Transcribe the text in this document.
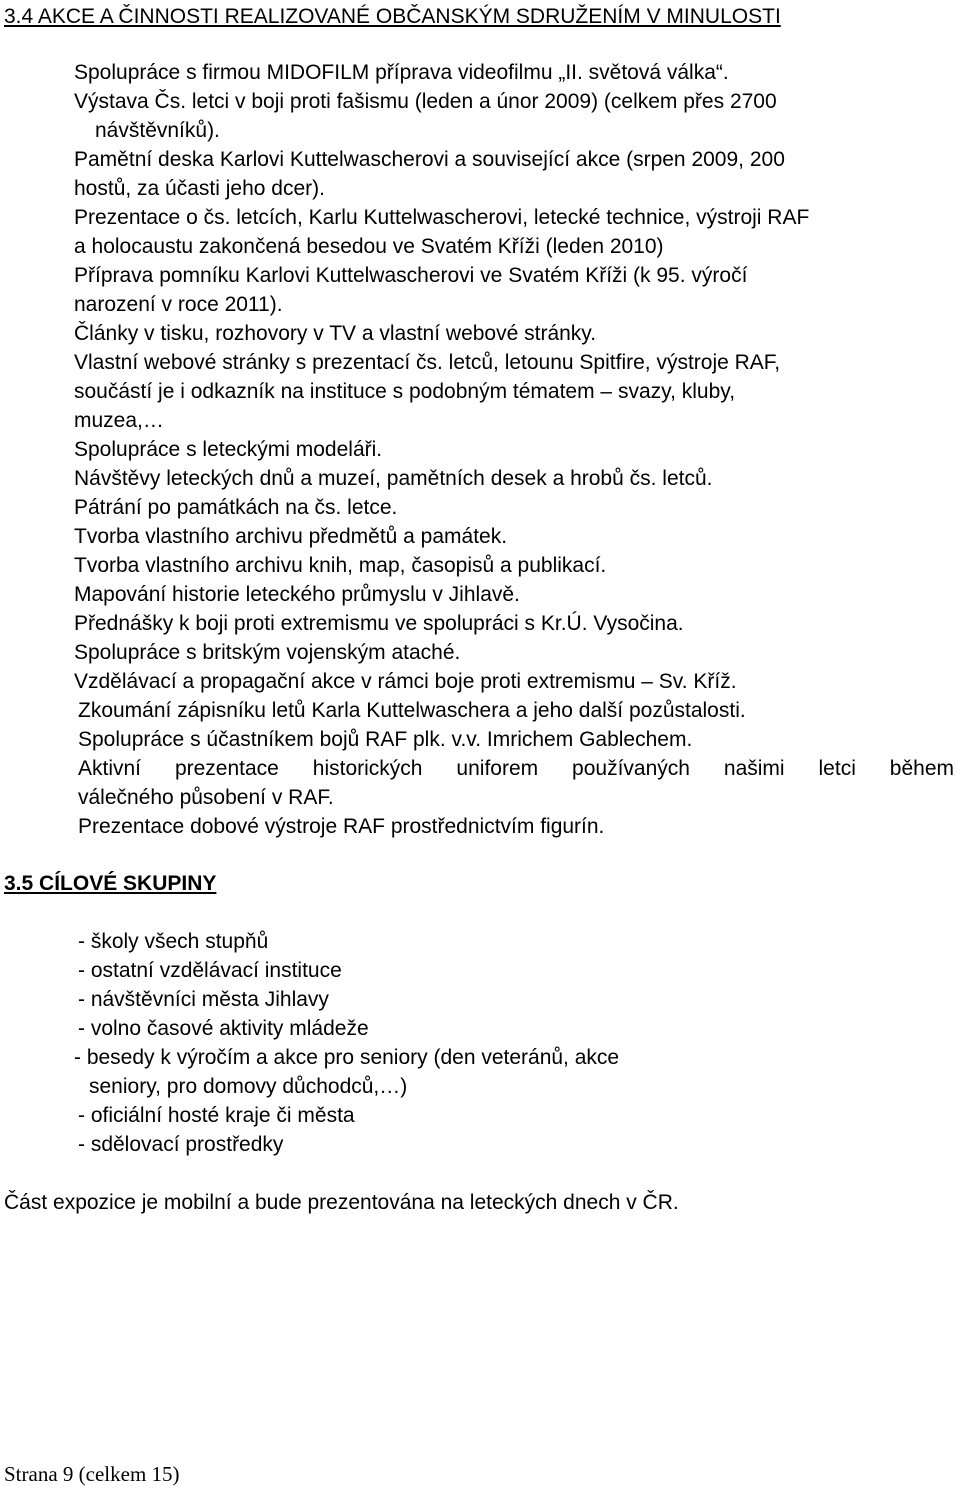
3.4 AKCE A ČINNOSTI REALIZOVANÉ OBČANSKÝM SDRUŽENÍM V MINULOSTI
Spolupráce s firmou MIDOFILM příprava videofilmu „II. světová válka“.
Výstava Čs. letci v boji proti fašismu (leden a únor 2009) (celkem přes 2700
návštěvníků).
Pamětní deska Karlovi Kuttelwascherovi a související akce (srpen 2009, 200
hostů, za účasti jeho dcer).
Prezentace o čs. letcích, Karlu Kuttelwascherovi, letecké technice, výstroji RAF
a holocaustu zakončená besedou ve Svatém Kříži (leden 2010)
Příprava pomníku Karlovi Kuttelwascherovi ve Svatém Kříži (k 95. výročí
narození v roce 2011).
Články v tisku, rozhovory v TV a vlastní webové stránky.
Vlastní webové stránky s prezentací čs. letců, letounu Spitfire, výstroje RAF,
součástí je i odkazník na instituce s podobným tématem – svazy, kluby,
muzea,…
Spolupráce s leteckými modeláři.
Návštěvy leteckých dnů a muzeí, pamětních desek a hrobů čs. letců.
Pátrání po památkách na čs. letce.
Tvorba vlastního archivu předmětů a památek.
Tvorba vlastního archivu knih, map, časopisů a publikací.
Mapování historie leteckého průmyslu v Jihlavě.
Přednášky k boji proti extremismu ve spolupráci s Kr.Ú. Vysočina.
Spolupráce s britským vojenským ataché.
Vzdělávací a propagační akce v rámci boje proti extremismu – Sv. Kříž.
Zkoumání zápisníku letů Karla Kuttelwaschera a jeho další pozůstalosti.
Spolupráce s účastníkem bojů RAF plk. v.v. Imrichem Gablechem.
Aktivní prezentace historických uniforem používaných našimi letci během
válečného působení v RAF.
Prezentace dobové výstroje RAF prostřednictvím figurín.
3.5 CÍLOVÉ SKUPINY
- školy všech stupňů
- ostatní vzdělávací instituce
- návštěvníci města Jihlavy
- volno časové aktivity mládeže
- besedy k výročím a akce pro seniory (den veteránů, akce
seniory, pro domovy důchodců,…)
- oficiální hosté kraje či města
- sdělovací prostředky
Část expozice je mobilní a bude prezentována na leteckých dnech v ČR.
Strana 9 (celkem 15)
